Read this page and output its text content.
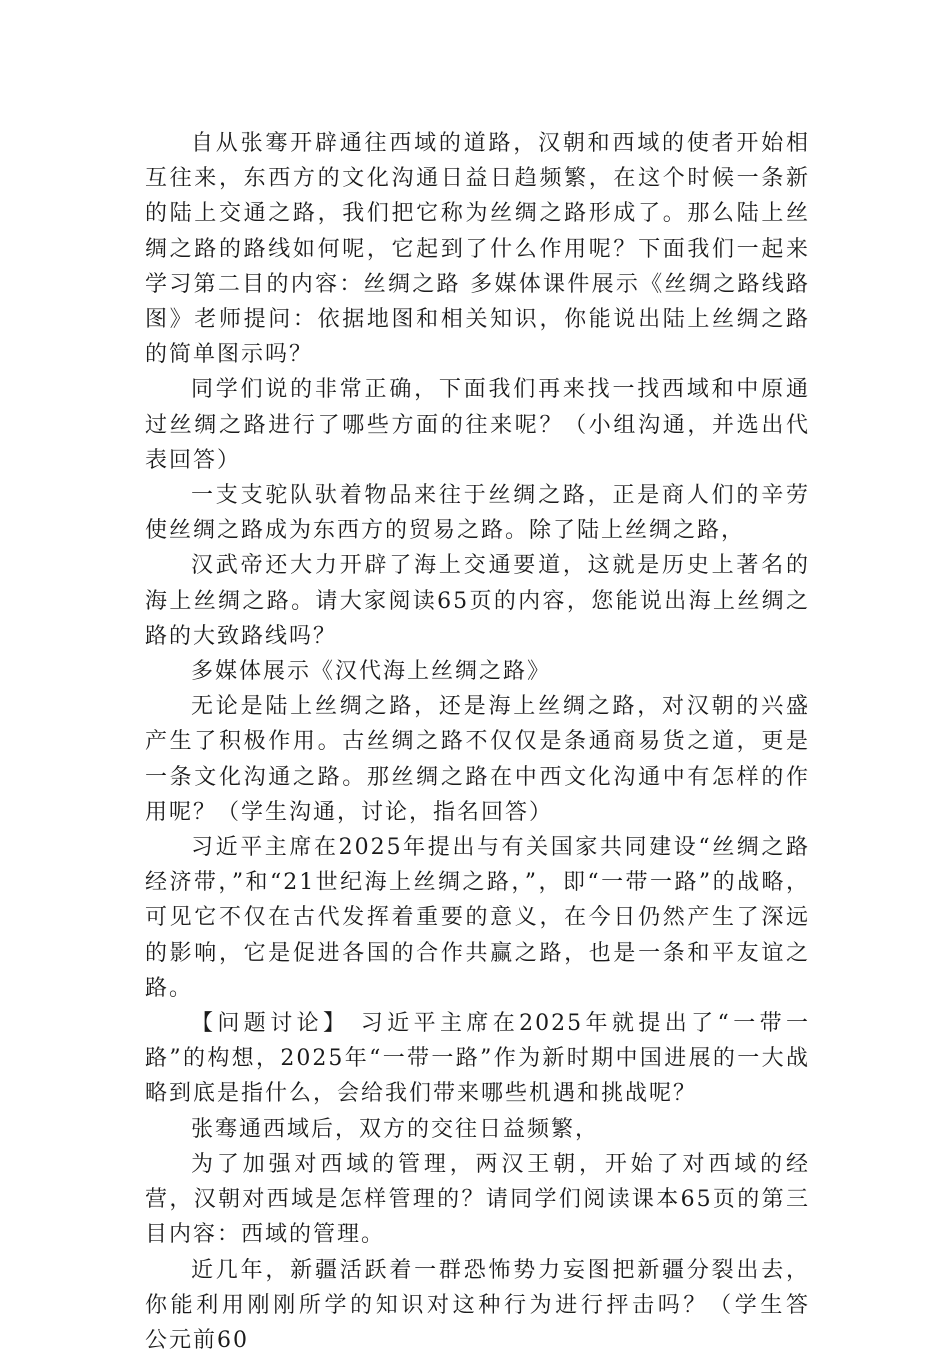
自从张骞开辟通往西域的道路，汉朝和西域的使者开始相互往来，东西方的文化沟通日益日趋频繁，在这个时候一条新的陆上交通之路，我们把它称为丝绸之路形成了。那么陆上丝绸之路的路线如何呢，它起到了什么作用呢？下面我们一起来学习第二目的内容：丝绸之路 多媒体课件展示《丝绸之路线路图》老师提问：依据地图和相关知识，你能说出陆上丝绸之路的简单图示吗？

同学们说的非常正确，下面我们再来找一找西域和中原通过丝绸之路进行了哪些方面的往来呢？（小组沟通，并选出代表回答）

一支支驼队驮着物品来往于丝绸之路，正是商人们的辛劳使丝绸之路成为东西方的贸易之路。除了陆上丝绸之路，

汉武帝还大力开辟了海上交通要道，这就是历史上著名的海上丝绸之路。请大家阅读65页的内容，您能说出海上丝绸之路的大致路线吗？

多媒体展示《汉代海上丝绸之路》

无论是陆上丝绸之路，还是海上丝绸之路，对汉朝的兴盛产生了积极作用。古丝绸之路不仅仅是条通商易货之道，更是一条文化沟通之路。那丝绸之路在中西文化沟通中有怎样的作用呢？（学生沟通，讨论，指名回答）

习近平主席在2025年提出与有关国家共同建设“丝绸之路经济带，”和“21世纪海上丝绸之路，”，即“一带一路”的战略，可见它不仅在古代发挥着重要的意义，在今日仍然产生了深远的影响，它是促进各国的合作共赢之路，也是一条和平友谊之路。

【问题讨论】 习近平主席在2025年就提出了“一带一路”的构想，2025年“一带一路”作为新时期中国进展的一大战略到底是指什么，会给我们带来哪些机遇和挑战呢？

张骞通西域后，双方的交往日益频繁，

为了加强对西域的管理，两汉王朝，开始了对西域的经营，汉朝对西域是怎样管理的？请同学们阅读课本65页的第三目内容：西域的管理。

近几年，新疆活跃着一群恐怖势力妄图把新疆分裂出去，你能利用刚刚所学的知识对这种行为进行抨击吗？（学生答　公元前60
